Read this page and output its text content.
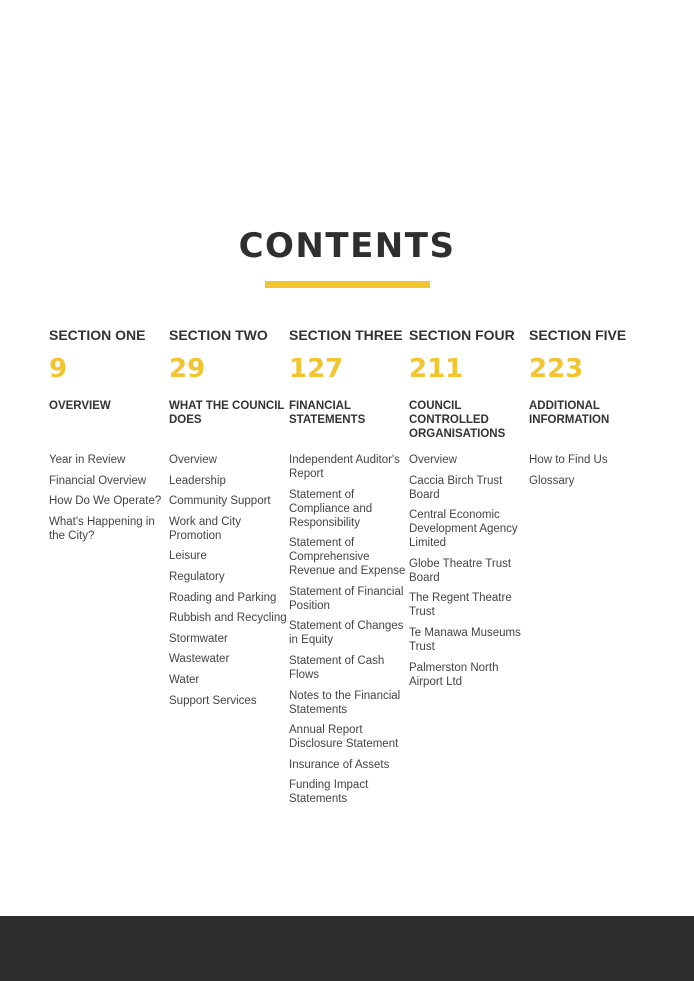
CONTENTS
SECTION ONE
9
OVERVIEW
Year in Review
Financial Overview
How Do We Operate?
What's Happening in the City?
SECTION TWO
29
WHAT THE COUNCIL DOES
Overview
Leadership
Community Support
Work and City Promotion
Leisure
Regulatory
Roading and Parking
Rubbish and Recycling
Stormwater
Wastewater
Water
Support Services
SECTION THREE
127
FINANCIAL STATEMENTS
Independent Auditor's Report
Statement of Compliance and Responsibility
Statement of Comprehensive Revenue and Expense
Statement of Financial Position
Statement of Changes in Equity
Statement of Cash Flows
Notes to the Financial Statements
Annual Report Disclosure Statement
Insurance of Assets
Funding Impact Statements
SECTION FOUR
211
COUNCIL CONTROLLED ORGANISATIONS
Overview
Caccia Birch Trust Board
Central Economic Development Agency Limited
Globe Theatre Trust Board
The Regent Theatre Trust
Te Manawa Museums Trust
Palmerston North Airport Ltd
SECTION FIVE
223
ADDITIONAL INFORMATION
How to Find Us
Glossary
